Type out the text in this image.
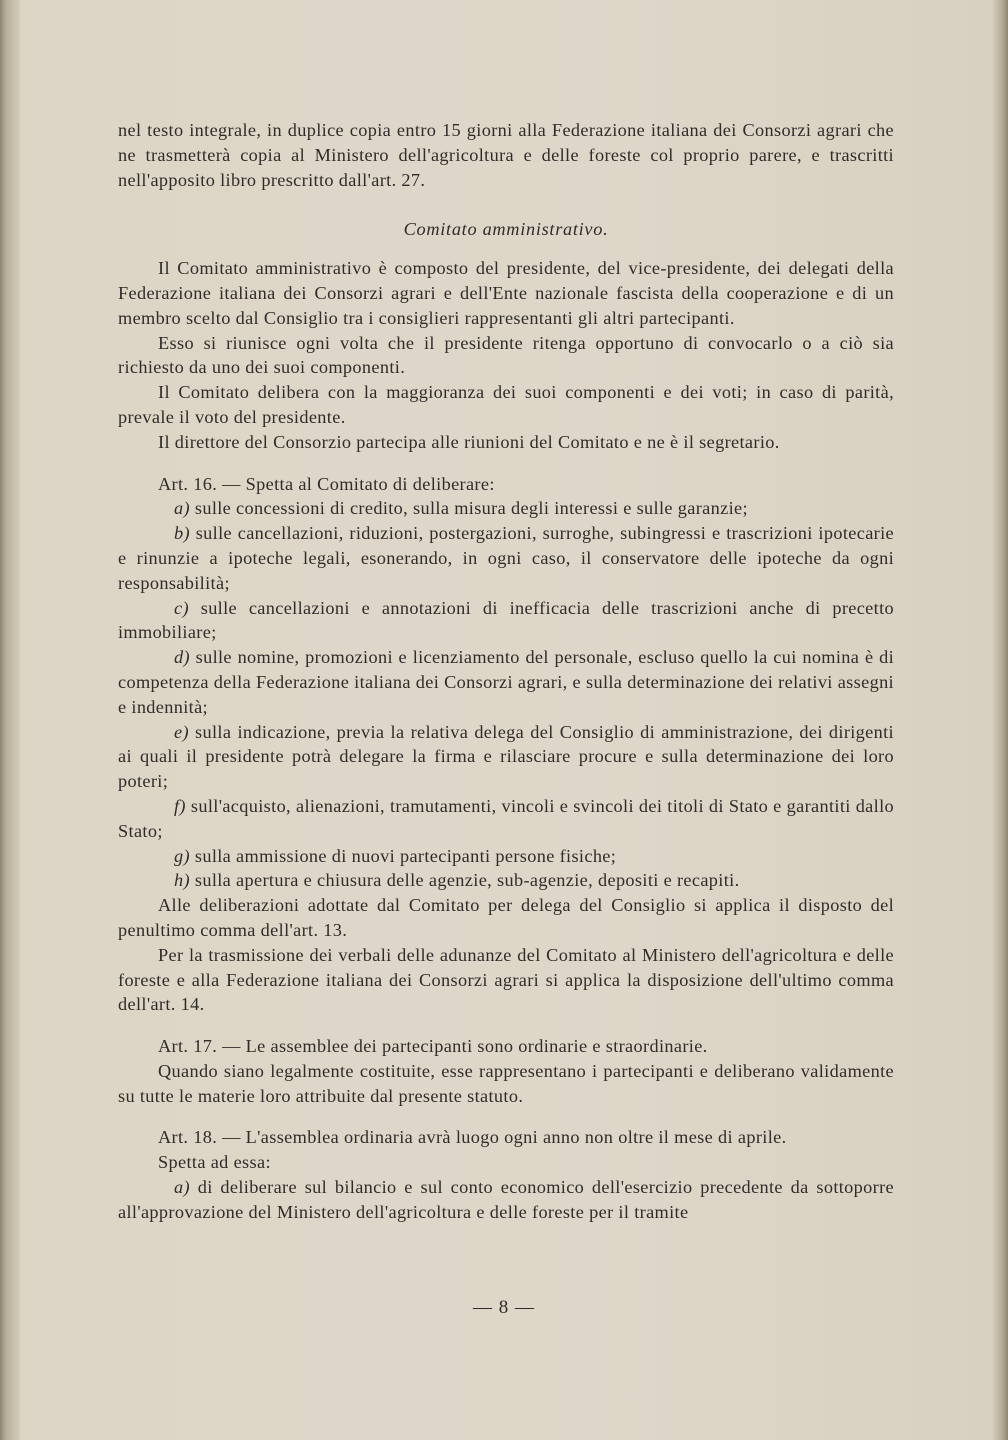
nel testo integrale, in duplice copia entro 15 giorni alla Federazione italiana dei Consorzi agrari che ne trasmetterà copia al Ministero dell'agricoltura e delle foreste col proprio parere, e trascritti nell'apposito libro prescritto dall'art. 27.

Comitato amministrativo.

Il Comitato amministrativo è composto del presidente, del vice-presidente, dei delegati della Federazione italiana dei Consorzi agrari e dell'Ente nazionale fascista della cooperazione e di un membro scelto dal Consiglio tra i consiglieri rappresentanti gli altri partecipanti.

Esso si riunisce ogni volta che il presidente ritenga opportuno di convocarlo o a ciò sia richiesto da uno dei suoi componenti.

Il Comitato delibera con la maggioranza dei suoi componenti e dei voti; in caso di parità, prevale il voto del presidente.

Il direttore del Consorzio partecipa alle riunioni del Comitato e ne è il segretario.

Art. 16. — Spetta al Comitato di deliberare:

a) sulle concessioni di credito, sulla misura degli interessi e sulle garanzie;

b) sulle cancellazioni, riduzioni, postergazioni, surroghe, subingressi e trascrizioni ipotecarie e rinunzie a ipoteche legali, esonerando, in ogni caso, il conservatore delle ipoteche da ogni responsabilità;

c) sulle cancellazioni e annotazioni di inefficacia delle trascrizioni anche di precetto immobiliare;

d) sulle nomine, promozioni e licenziamento del personale, escluso quello la cui nomina è di competenza della Federazione italiana dei Consorzi agrari, e sulla determinazione dei relativi assegni e indennità;

e) sulla indicazione, previa la relativa delega del Consiglio di amministrazione, dei dirigenti ai quali il presidente potrà delegare la firma e rilasciare procure e sulla determinazione dei loro poteri;

f) sull'acquisto, alienazioni, tramutamenti, vincoli e svincoli dei titoli di Stato e garantiti dallo Stato;

g) sulla ammissione di nuovi partecipanti persone fisiche;

h) sulla apertura e chiusura delle agenzie, sub-agenzie, depositi e recapiti.

Alle deliberazioni adottate dal Comitato per delega del Consiglio si applica il disposto del penultimo comma dell'art. 13.

Per la trasmissione dei verbali delle adunanze del Comitato al Ministero dell'agricoltura e delle foreste e alla Federazione italiana dei Consorzi agrari si applica la disposizione dell'ultimo comma dell'art. 14.

Art. 17. — Le assemblee dei partecipanti sono ordinarie e straordinarie.

Quando siano legalmente costituite, esse rappresentano i partecipanti e deliberano validamente su tutte le materie loro attribuite dal presente statuto.

Art. 18. — L'assemblea ordinaria avrà luogo ogni anno non oltre il mese di aprile.

Spetta ad essa:

a) di deliberare sul bilancio e sul conto economico dell'esercizio precedente da sottoporre all'approvazione del Ministero dell'agricoltura e delle foreste per il tramite

— 8 —
